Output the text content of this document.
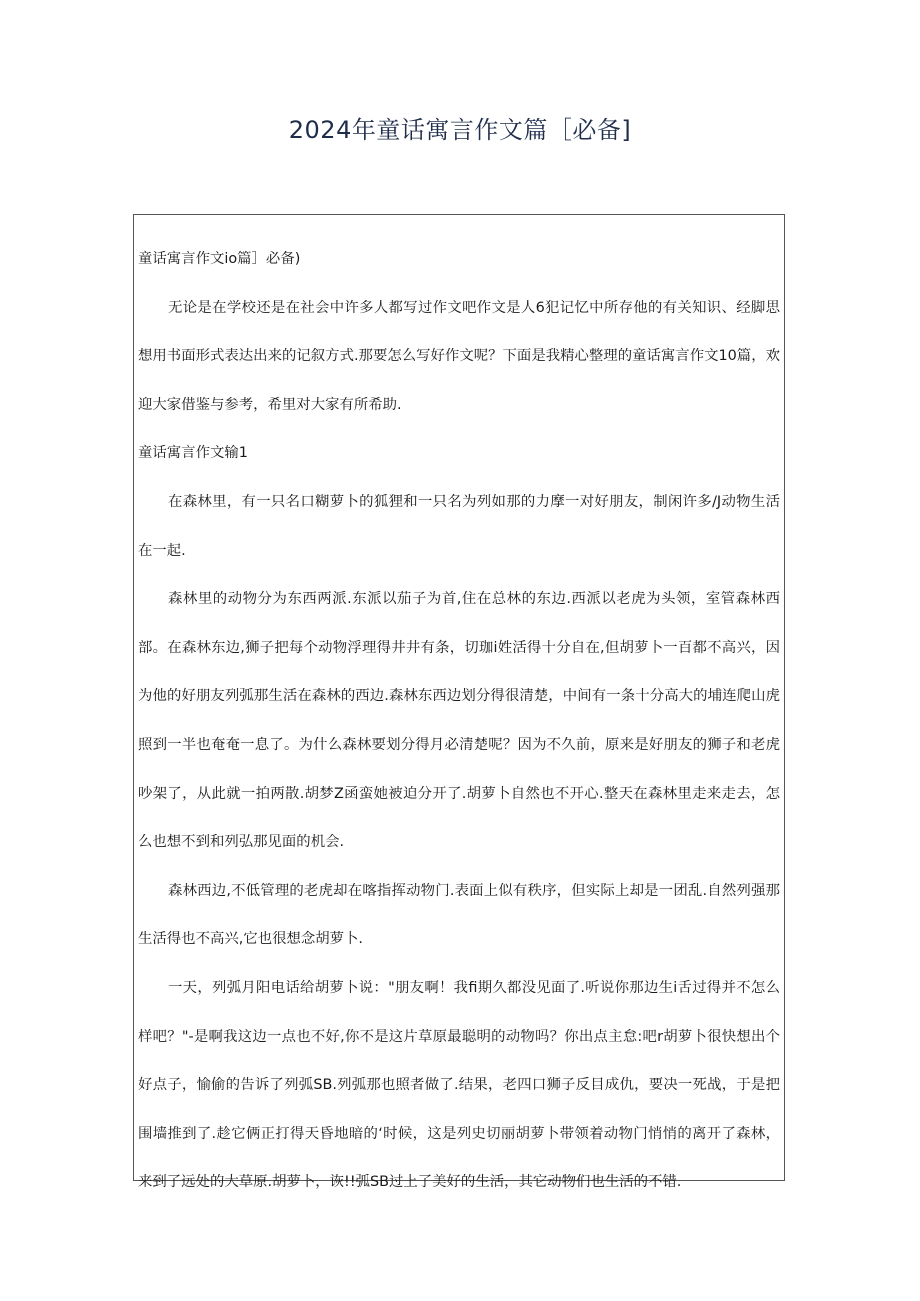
2024年童话寓言作文篇［必备]

童话寓言作文io篇］必备)

无论是在学校还是在社会中许多人都写过作文吧作文是人6犯记忆中所存他的有关知识、经脚思想用书面形式表达出来的记叙方式.那要怎么写好作文呢？下面是我精心整理的童话寓言作文10篇，欢迎大家借鉴与参考，希里对大家有所希助.

童话寓言作文输1

在森林里，有一只名口糊萝卜的狐狸和一只名为列如那的力摩一对好朋友，制闲许多/J动物生活在一起.

森林里的动物分为东西两派.东派以茄子为首,住在总林的东边.西派以老虎为头领，室管森林西部。在森林东边,狮子把每个动物浮理得井井有条，切珈i姓活得十分自在,但胡萝卜一百都不高兴，因为他的好朋友列弧那生活在森林的西边.森林东西边划分得很清楚，中间有一条十分高大的埔连爬山虎照到一半也奄奄一息了。为什么森林要划分得月必清楚呢？因为不久前，原来是好朋友的狮子和老虎吵架了，从此就一拍两散.胡梦Z函蛮她被迫分开了.胡萝卜自然也不开心.整天在森林里走来走去，怎么也想不到和列弘那见面的机会.

森林西边,不低管理的老虎却在喀指挥动物门.表面上似有秩序，但实际上却是一团乱.自然列强那生活得也不高兴,它也很想念胡萝卜.

一天，列弧月阳电话给胡萝卜说："朋友啊！我fi期久都没见面了.听说你那边生i舌过得并不怎么样吧？"-是啊我这边一点也不好,你不是这片草原最聪明的动物吗？你出点主怠:吧r胡萝卜很快想出个好点子，愉偷的告诉了列弧SB.列弧那也照者做了.结果，老四口狮子反目成仇，要决一死战，于是把围墙推到了.趁它俩正打得天昏地暗的‘时候，这是列史切丽胡萝卜带领着动物门悄悄的离开了森林，来到了远处的大草原.胡萝卜，诙!!弧SB过上了美好的生活，其它动物们也生活的不错.
